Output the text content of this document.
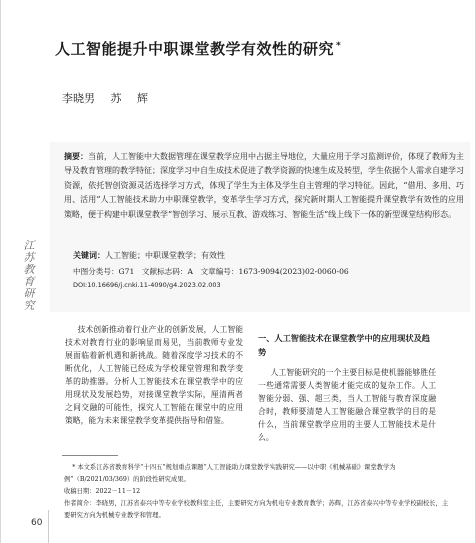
人工智能提升中职课堂教学有效性的研究 *
李晓男 苏 辉
摘要：当前，人工智能中大数据管理在课堂教学应用中占据主导地位，大量应用于学习监测评价，体现了教师为主导及教育管理的教学特征；深度学习中自生成技术促进了教学资源的快速生成及转型，学生依据个人需求自建学习资源，依托智创资源灵活选择学习方式，体现了学生为主体及学生自主管理的学习特征。因此，“借用、多用、巧用、活用”人工智能技术助力中职课堂教学，变革学生学习方式，探究新时期人工智能提升课堂教学有效性的应用策略，便于构建中职课堂教学“智创学习、展示互教、游戏练习、智能生活”线上线下一体的新型课堂结构形态。
关键词：人工智能；中职课堂教学；有效性
中图分类号：G71　文献标志码：A　文章编号：1673-9094(2023)02-0060-06
DOI:10.16696/j.cnki.11-4090/g4.2023.02.003
江
苏
教
育
研
究
技术创新推动着行业产业的创新发展，人工智能技术对教育行业的影响显而易见，当前教师专业发展面临着新机遇和新挑战。随着深度学习技术的不断优化，人工智能已经成为学校课堂管理和教学变革的助推器。分析人工智能技术在课堂教学中的应用现状及发展趋势，对接课堂教学实际，厘清两者之间交融的可能性，探究人工智能在课堂中的应用策略，能为未来课堂教学变革提供指导和借鉴。
一、人工智能技术在课堂教学中的应用现状及趋势
人工智能研究的一个主要目标是使机器能够胜任一些通常需要人类智能才能完成的复杂工作。人工智能分弱、强、超三类，当人工智能与教育深度融合时，教师要清楚人工智能融合课堂教学的目的是什么，当前课堂教学应用的主要人工智能技术是什么。

* 本文系江苏省教育科学“十四五”规划重点课题“人工智能助力课堂教学实践研究——以中职《机械基础》课堂教学为例”（B/2021/03/369）的阶段性研究成果。

收稿日期：2022－11－12

作者简介：李晓男，江苏省泰兴中等专业学校教科室主任，主要研究方向为机电专业教育教学；苏辉，江苏省泰兴中等专业学校副校长，主要研究方向为机械专业教学和管理。

60
